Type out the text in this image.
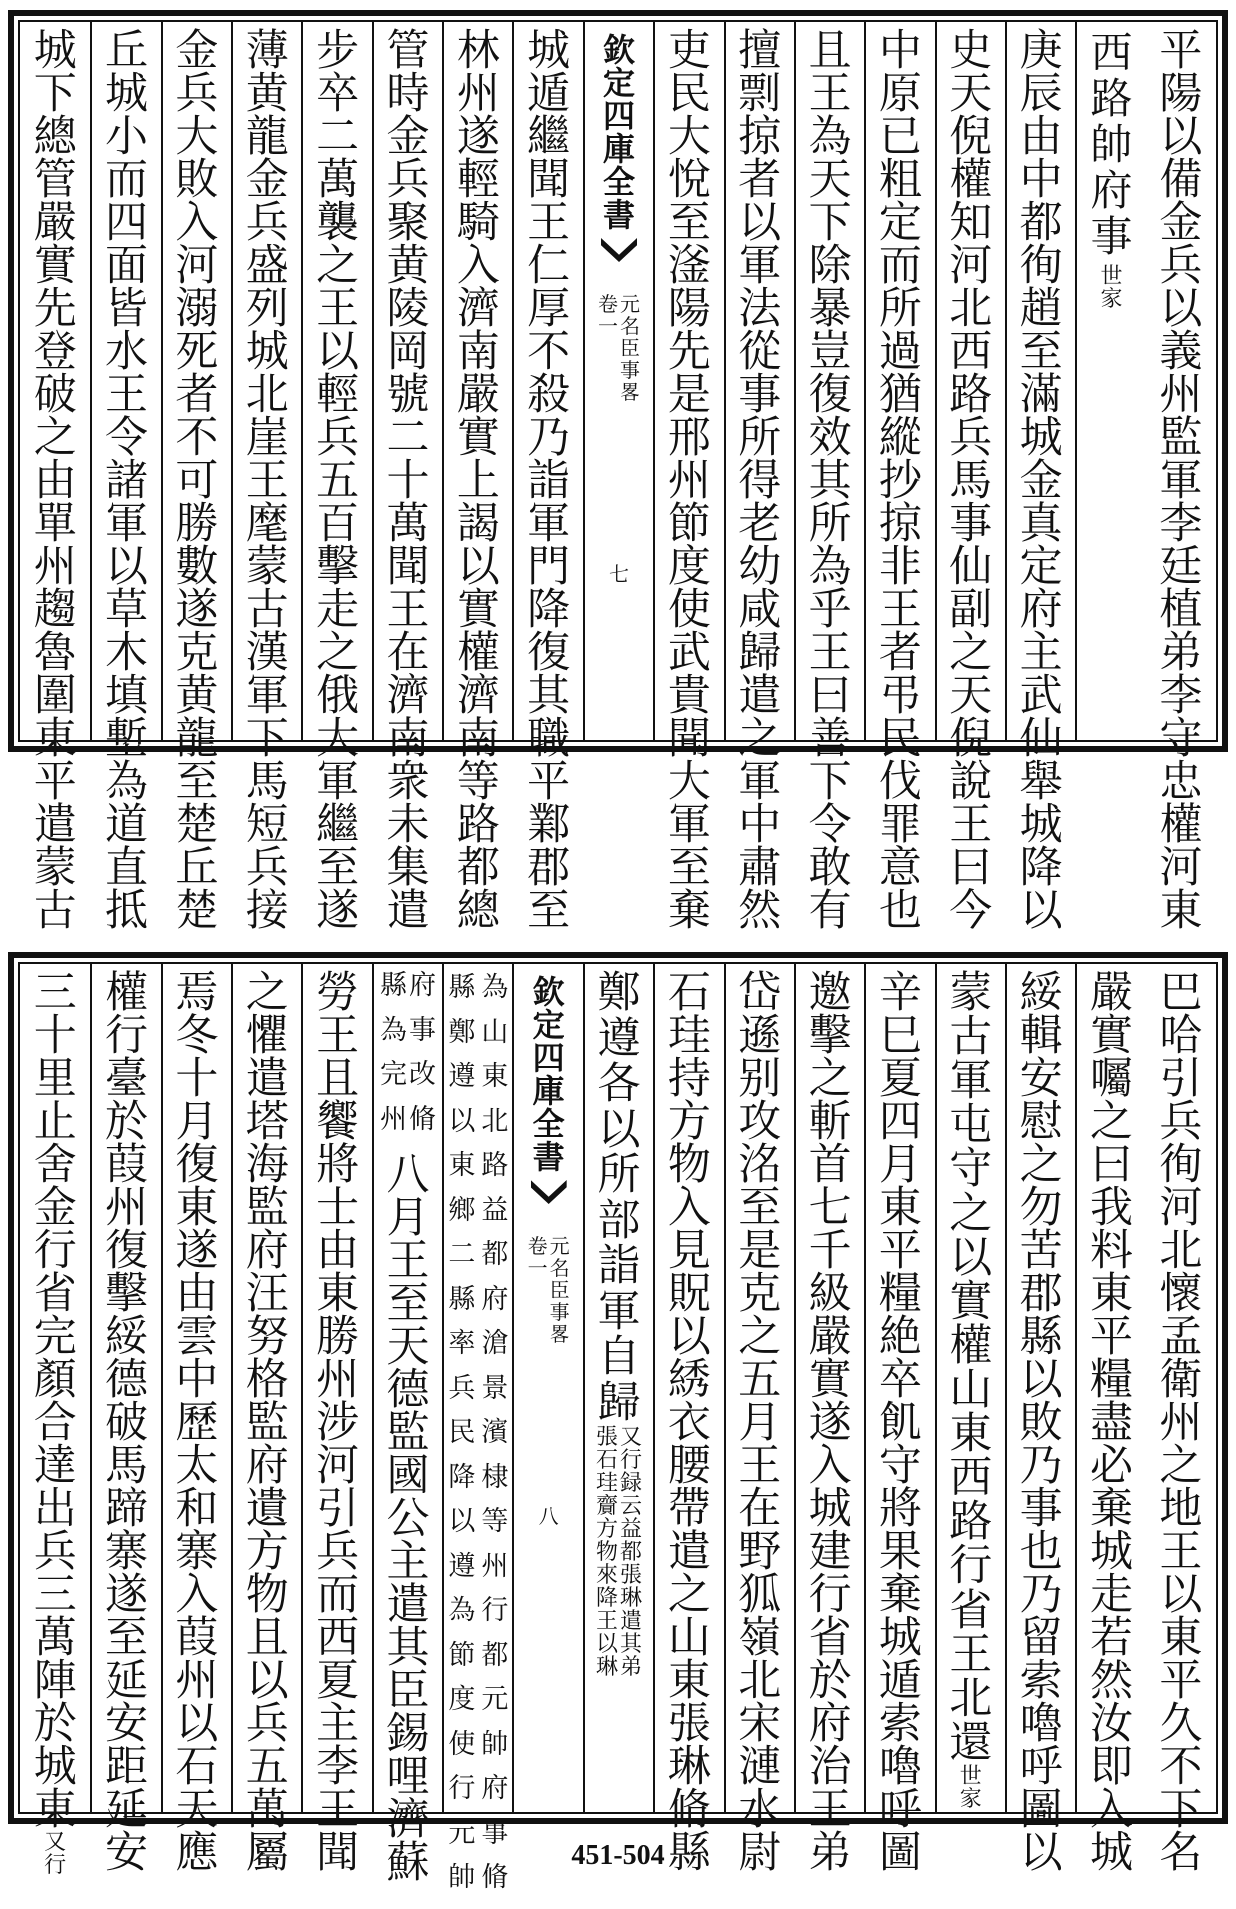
平
陽
以
備
金
兵
以
義
州
監
軍
李
廷
植
弟
李
守
忠
權
河
東
西
路
帥
府
事
世
家
庚
辰
由
中
都
徇
趙
至
滿
城
金
真
定
府
主
武
仙
舉
城
降
以
史
天
倪
權
知
河
北
西
路
兵
馬
事
仙
副
之
天
倪
說
王
曰
今
中
原
已
粗
定
而
所
過
猶
縱
抄
掠
非
王
者
弔
民
伐
罪
意
也
且
王
為
天
下
除
暴
豈
復
效
其
所
為
乎
王
曰
善
下
令
敢
有
擅
剽
掠
者
以
軍
法
從
事
所
得
老
幼
咸
歸
遣
之
軍
中
肅
然
吏
民
大
悅
至
滏
陽
先
是
邢
州
節
度
使
武
貴
聞
大
軍
至
棄
欽
定
四
庫
全
書
卷
一
元
名
臣
事
畧
七
城
遁
繼
聞
王
仁
厚
不
殺
乃
詣
軍
門
降
復
其
職
平
鄴
郡
至
林
州
遂
輕
騎
入
濟
南
嚴
實
上
謁
以
實
權
濟
南
等
路
都
總
管
時
金
兵
聚
黄
陵
岡
號
二
十
萬
聞
王
在
濟
南
衆
未
集
遣
步
卒
二
萬
襲
之
王
以
輕
兵
五
百
擊
走
之
俄
大
軍
繼
至
遂
薄
黄
龍
金
兵
盛
列
城
北
崖
王
麾
蒙
古
漢
軍
下
馬
短
兵
接
金
兵
大
敗
入
河
溺
死
者
不
可
勝
數
遂
克
黄
龍
至
楚
丘
楚
丘
城
小
而
四
面
皆
水
王
令
諸
軍
以
草
木
填
塹
為
道
直
抵
城
下
總
管
嚴
實
先
登
破
之
由
單
州
趨
魯
圍
東
平
遣
蒙
古
巴
哈
引
兵
徇
河
北
懷
孟
衛
州
之
地
王
以
東
平
久
不
下
名
嚴
實
囑
之
曰
我
料
東
平
糧
盡
必
棄
城
走
若
然
汝
即
入
城
綏
輯
安
慰
之
勿
苦
郡
縣
以
敗
乃
事
也
乃
留
索
嚕
呼
圖
以
蒙
古
軍
屯
守
之
以
實
權
山
東
西
路
行
省
王
北
還
世
家
辛
巳
夏
四
月
東
平
糧
絶
卒
飢
守
將
果
棄
城
遁
索
嚕
呼
圖
邀
擊
之
斬
首
七
千
級
嚴
實
遂
入
城
建
行
省
於
府
治
王
弟
岱
遜
别
攻
洺
至
是
克
之
五
月
王
在
野
狐
嶺
北
宋
漣
水
尉
石
珪
持
方
物
入
見
貺
以
綉
衣
腰
帶
遣
之
山
東
張
琳
脩
縣
鄭
遵
各
以
所
部
詣
軍
自
歸
張
石
珪
齎
方
物
來
降
王
以
琳
又
行
録
云
益
都
張
琳
遣
其
弟
欽
定
四
庫
全
書
卷
一
元
名
臣
事
畧
八
縣
鄭
遵
以
東
鄉
二
縣
率
兵
民
降
以
遵
為
節
度
使
行
元
帥
為
山
東
北
路
益
都
府
滄
景
濱
棣
等
州
行
都
元
帥
府
事
脩
縣
為
完
州
府
事
改
脩
八
月
王
至
天
德
監
國
公
主
遣
其
臣
錫
哩
濟
蘇
勞
王
且
饗
將
士
由
東
勝
州
涉
河
引
兵
而
西
夏
主
李
王
聞
之
懼
遣
塔
海
監
府
汪
努
格
監
府
遺
方
物
且
以
兵
五
萬
屬
焉
冬
十
月
復
東
遂
由
雲
中
歷
太
和
寨
入
葭
州
以
石
天
應
權
行
臺
於
葭
州
復
擊
綏
德
破
馬
蹄
寨
遂
至
延
安
距
延
安
三
十
里
止
舍
金
行
省
完
顏
合
達
出
兵
三
萬
陣
於
城
東
又
行	451-504
